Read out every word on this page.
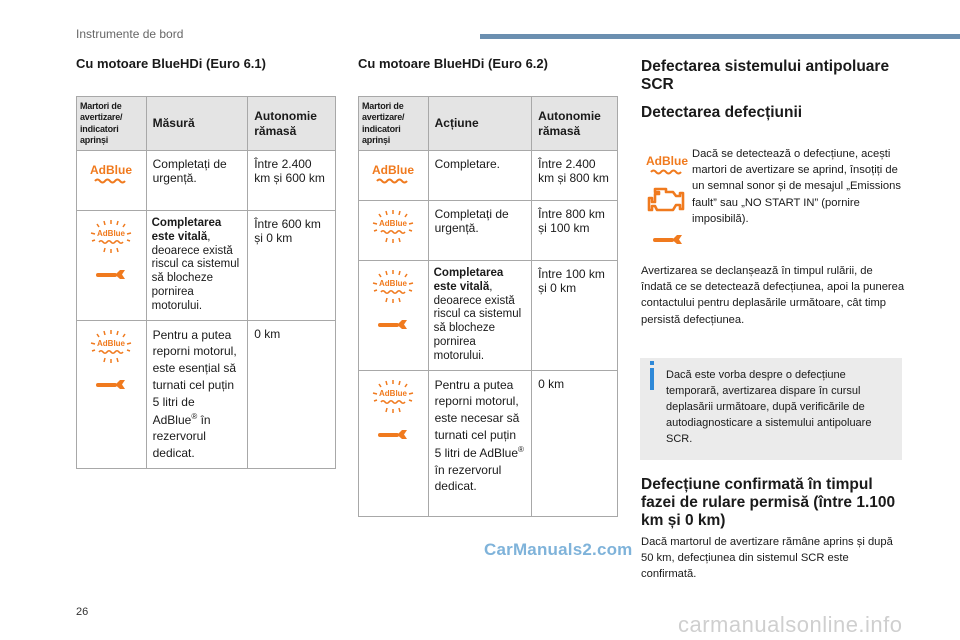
Instrumente de bord
Cu motoare BlueHDi (Euro 6.1)
Martori de avertizare/ indicatori aprinși	Măsură	Autonomie rămasă

AdBlue	Completați de urgență.	Între 2.400 km și 600 km

AdBlue	Completarea este vitală, deoarece există riscul ca sistemul să blocheze pornirea motorului.	Între 600 km și 0 km

AdBlue	Pentru a putea reporni motorul, este esențial să turnati cel puțin 5 litri de AdBlue® în rezervorul dedicat.	0 km
Cu motoare BlueHDi (Euro 6.2)
Martori de avertizare/ indicatori aprinși	Acțiune	Autonomie rămasă

AdBlue	Completare.	Între 2.400 km și 800 km

AdBlue	Completați de urgență.	Între 800 km și 100 km

AdBlue	Completarea este vitală, deoarece există riscul ca sistemul să blocheze pornirea motorului.	Între 100 km și 0 km

AdBlue	Pentru a putea reporni motorul, este necesar să turnati cel puțin 5 litri de AdBlue® în rezervorul dedicat.	0 km
Defectarea sistemului antipoluare SCR
Detectarea defecțiunii
AdBlue Dacă se detectează o defecțiune, acești martori de avertizare se aprind, însoțiți de un semnal sonor și de mesajul „Emissions fault” sau „NO START IN” (pornire imposibilă).

Avertizarea se declanșează în timpul rulării, de îndată ce se detectează defecțiunea, apoi la punerea contactului pentru deplasările următoare, cât timp persistă defecțiunea.

Dacă este vorba despre o defecțiune temporară, avertizarea dispare în cursul deplasării următoare, după verificările de autodiagnosticare a sistemului antipoluare SCR.

Defecțiune confirmată în timpul fazei de rulare permisă (între 1.100 km și 0 km)

Dacă martorul de avertizare rămâne aprins și după 50 km, defecțiunea din sistemul SCR este confirmată.

CarManuals2.com
26	carmanualsonline.info
